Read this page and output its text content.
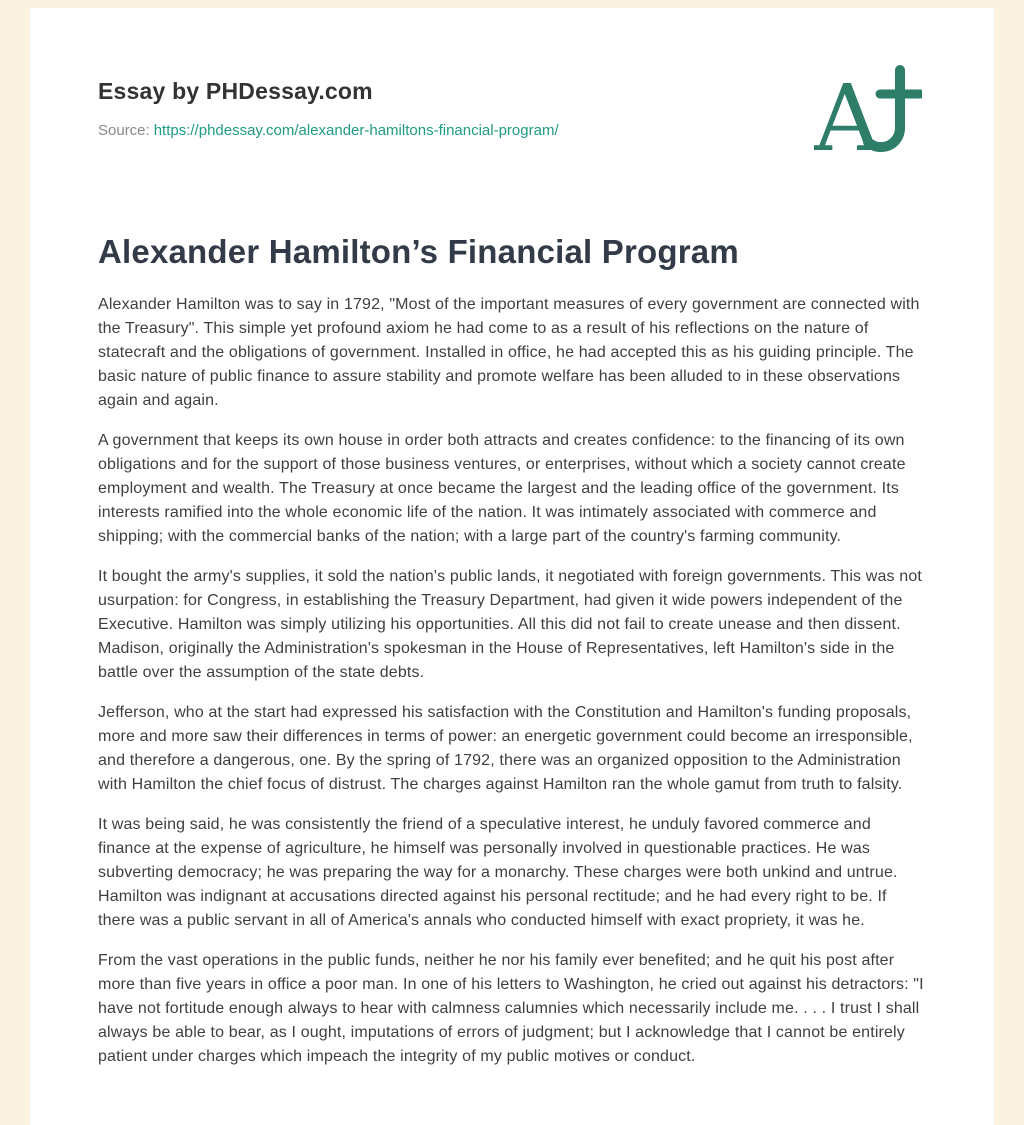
Essay by PHDessay.com
Source: https://phdessay.com/alexander-hamiltons-financial-program/	A
Alexander Hamilton’s Financial Program

Alexander Hamilton was to say in 1792, "Most of the important measures of every government are connected with the Treasury". This simple yet profound axiom he had come to as a result of his reflections on the nature of statecraft and the obligations of government. Installed in office, he had accepted this as his guiding principle. The basic nature of public finance to assure stability and promote welfare has been alluded to in these observations again and again.

A government that keeps its own house in order both attracts and creates confidence: to the financing of its own obligations and for the support of those business ventures, or enterprises, without which a society cannot create employment and wealth. The Treasury at once became the largest and the leading office of the government. Its interests ramified into the whole economic life of the nation. It was intimately associated with commerce and shipping; with the commercial banks of the nation; with a large part of the country's farming community.

It bought the army's supplies, it sold the nation's public lands, it negotiated with foreign governments. This was not usurpation: for Congress, in establishing the Treasury Department, had given it wide powers independent of the Executive. Hamilton was simply utilizing his opportunities. All this did not fail to create unease and then dissent. Madison, originally the Administration's spokesman in the House of Representatives, left Hamilton's side in the battle over the assumption of the state debts.

Jefferson, who at the start had expressed his satisfaction with the Constitution and Hamilton's funding proposals, more and more saw their differences in terms of power: an energetic government could become an irresponsible, and therefore a dangerous, one. By the spring of 1792, there was an organized opposition to the Administration with Hamilton the chief focus of distrust. The charges against Hamilton ran the whole gamut from truth to falsity.

It was being said, he was consistently the friend of a speculative interest, he unduly favored commerce and finance at the expense of agriculture, he himself was personally involved in questionable practices. He was subverting democracy; he was preparing the way for a monarchy. These charges were both unkind and untrue. Hamilton was indignant at accusations directed against his personal rectitude; and he had every right to be. If there was a public servant in all of America's annals who conducted himself with exact propriety, it was he.

From the vast operations in the public funds, neither he nor his family ever benefited; and he quit his post after more than five years in office a poor man. In one of his letters to Washington, he cried out against his detractors: "I have not fortitude enough always to hear with calmness calumnies which necessarily include me. . . . I trust I shall always be able to bear, as I ought, imputations of errors of judgment; but I acknowledge that I cannot be entirely patient under charges which impeach the integrity of my public motives or conduct.
